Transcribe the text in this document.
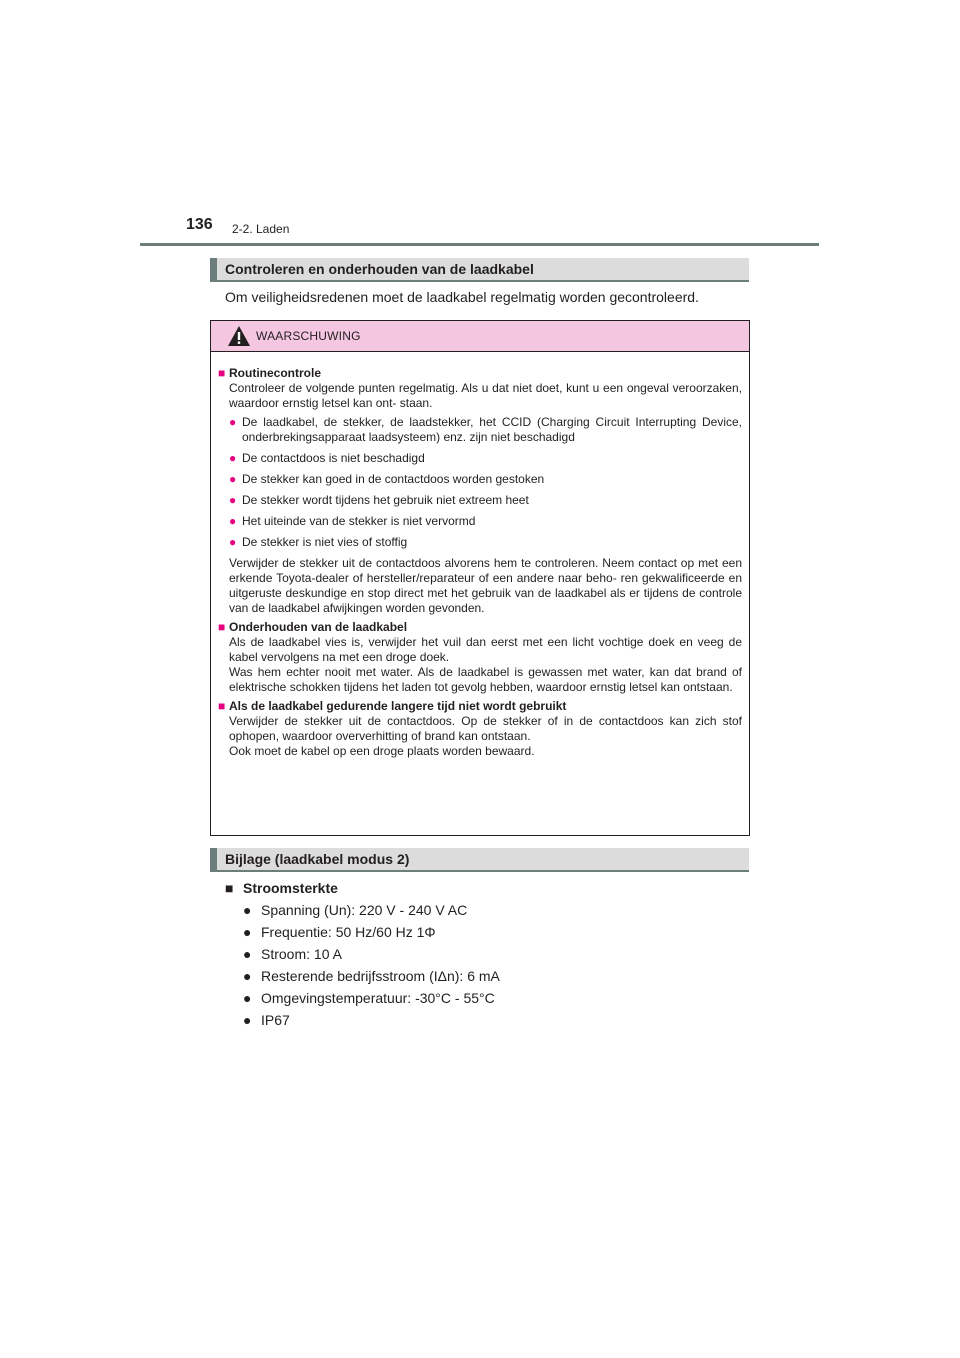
136 2-2. Laden
Controleren en onderhouden van de laadkabel
Om veiligheidsredenen moet de laadkabel regelmatig worden gecontroleerd.
WAARSCHUWING
■ Routinecontrole
Controleer de volgende punten regelmatig. Als u dat niet doet, kunt u een ongeval veroorzaken, waardoor ernstig letsel kan ont- staan.
● De laadkabel, de stekker, de laadstekker, het CCID (Charging Circuit Interrupting Device, onderbrekingsapparaat laadsysteem) enz. zijn niet beschadigd
● De contactdoos is niet beschadigd
● De stekker kan goed in de contactdoos worden gestoken
● De stekker wordt tijdens het gebruik niet extreem heet
● Het uiteinde van de stekker is niet vervormd
● De stekker is niet vies of stoffig
Verwijder de stekker uit de contactdoos alvorens hem te controleren. Neem contact op met een erkende Toyota-dealer of hersteller/reparateur of een andere naar beho- ren gekwalificeerde en uitgeruste deskundige en stop direct met het gebruik van de laadkabel als er tijdens de controle van de laadkabel afwijkingen worden gevonden.
■ Onderhouden van de laadkabel
Als de laadkabel vies is, verwijder het vuil dan eerst met een licht vochtige doek en veeg de kabel vervolgens na met een droge doek.
Was hem echter nooit met water. Als de laadkabel is gewassen met water, kan dat brand of elektrische schokken tijdens het laden tot gevolg hebben, waardoor ernstig letsel kan ontstaan.
■ Als de laadkabel gedurende langere tijd niet wordt gebruikt
Verwijder de stekker uit de contactdoos. Op de stekker of in de contactdoos kan zich stof ophopen, waardoor oververhitting of brand kan ontstaan.
Ook moet de kabel op een droge plaats worden bewaard.
Bijlage (laadkabel modus 2)
■ Stroomsterkte
● Spanning (Un): 220 V - 240 V AC
● Frequentie: 50 Hz/60 Hz 1Φ
● Stroom: 10 A
● Resterende bedrijfsstroom (IΔn): 6 mA
● Omgevingstemperatuur: -30°C - 55°C
● IP67
